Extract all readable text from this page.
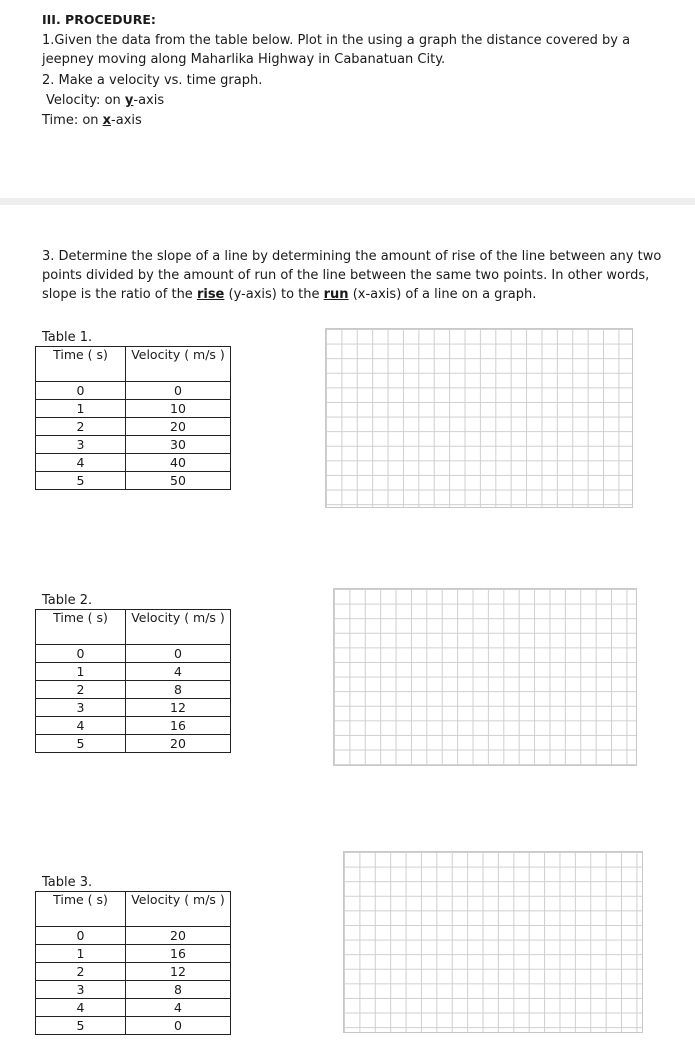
III. PROCEDURE:

1.Given the data from the table below. Plot in the using a graph the distance covered by a jeepney moving along Maharlika Highway in Cabanatuan City.

2. Make a velocity vs. time graph.

Velocity: on y-axis

Time: on x-axis

3. Determine the slope of a line by determining the amount of rise of the line between any two points divided by the amount of run of the line between the same two points. In other words, slope is the ratio of the rise (y-axis) to the run (x-axis) of a line on a graph.

Table 1.
Time ( s)	Velocity ( m/s )
0	0
1	10
2	20
3	30
4	40
5	50
Table 2.
Time ( s)	Velocity ( m/s )
0	0
1	4
2	8
3	12
4	16
5	20
Table 3.
Time ( s)	Velocity ( m/s )
0	20
1	16
2	12
3	8
4	4
5	0
